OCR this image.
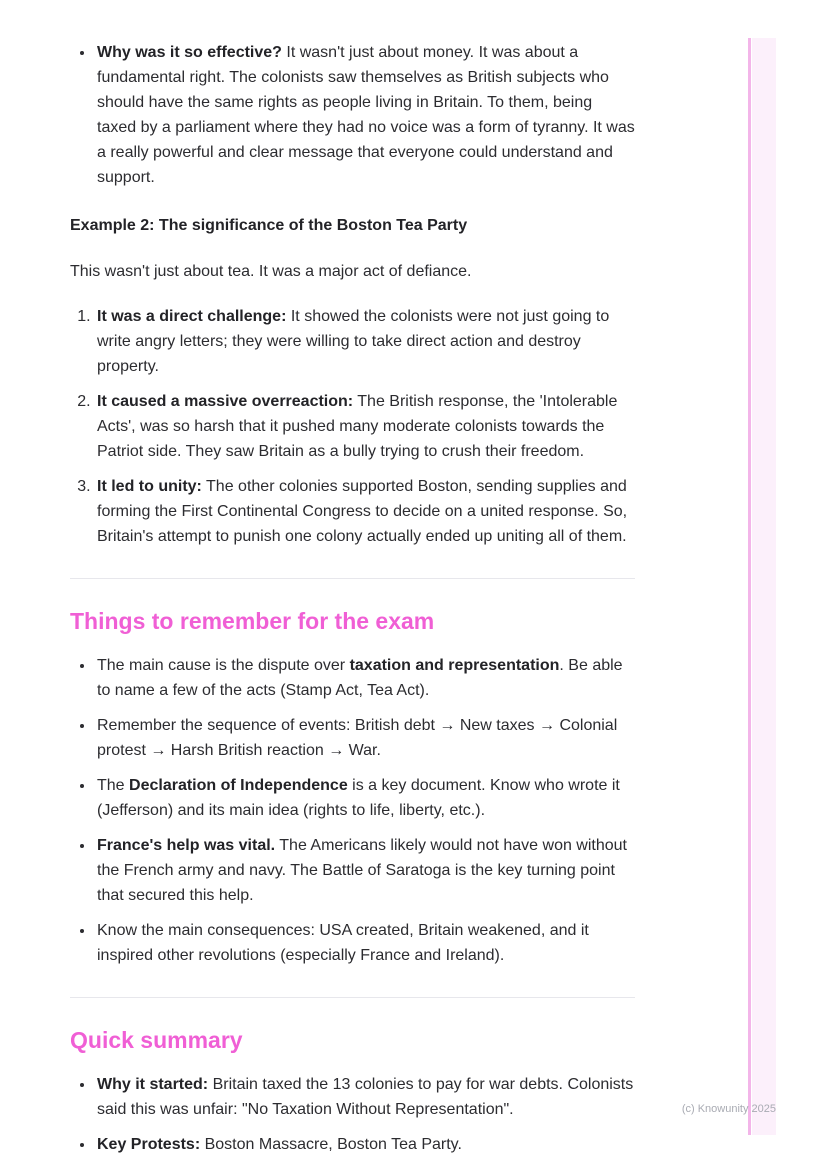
• Why was it so effective? It wasn't just about money. It was about a fundamental right. The colonists saw themselves as British subjects who should have the same rights as people living in Britain. To them, being taxed by a parliament where they had no voice was a form of tyranny. It was a really powerful and clear message that everyone could understand and support.
Example 2: The significance of the Boston Tea Party

This wasn't just about tea. It was a major act of defiance.

1. It was a direct challenge: It showed the colonists were not just going to write angry letters; they were willing to take direct action and destroy property.
2. It caused a massive overreaction: The British response, the 'Intolerable Acts', was so harsh that it pushed many moderate colonists towards the Patriot side. They saw Britain as a bully trying to crush their freedom.
3. It led to unity: The other colonies supported Boston, sending supplies and forming the First Continental Congress to decide on a united response. So, Britain's attempt to punish one colony actually ended up uniting all of them.
Things to remember for the exam
• The main cause is the dispute over taxation and representation. Be able to name a few of the acts (Stamp Act, Tea Act).
• Remember the sequence of events: British debt → New taxes → Colonial protest → Harsh British reaction → War.
• The Declaration of Independence is a key document. Know who wrote it (Jefferson) and its main idea (rights to life, liberty, etc.).
• France's help was vital. The Americans likely would not have won without the French army and navy. The Battle of Saratoga is the key turning point that secured this help.
• Know the main consequences: USA created, Britain weakened, and it inspired other revolutions (especially France and Ireland).
Quick summary
• Why it started: Britain taxed the 13 colonies to pay for war debts. Colonists said this was unfair: "No Taxation Without Representation".
• Key Protests: Boston Massacre, Boston Tea Party.
(c) Knowunity 2025
